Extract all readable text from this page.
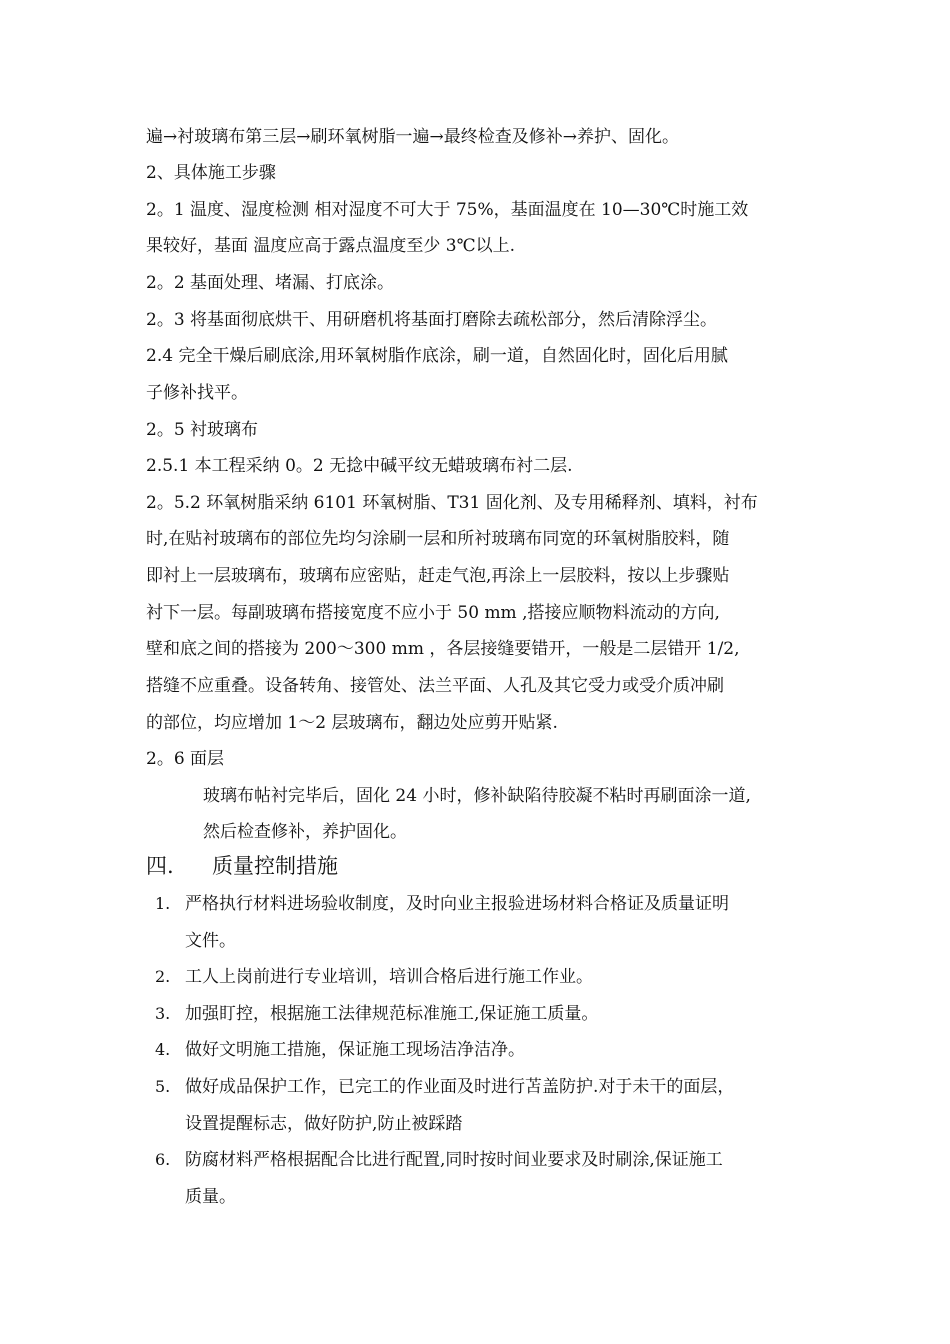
遍→衬玻璃布第三层→刷环氧树脂一遍→最终检查及修补→养护、固化。
2、具体施工步骤
2。1 温度、湿度检测 相对湿度不可大于 75%，基面温度在 10—30℃时施工效
果较好，基面 温度应高于露点温度至少 3℃以上.
2。2 基面处理、堵漏、打底涂。
2。3 将基面彻底烘干、用研磨机将基面打磨除去疏松部分，然后清除浮尘。
2.4 完全干燥后刷底涂,用环氧树脂作底涂，刷一道，自然固化时，固化后用腻
子修补找平。
2。5 衬玻璃布
2.5.1 本工程采纳 0。2 无捻中碱平纹无蜡玻璃布衬二层.
2。5.2 环氧树脂采纳 6101 环氧树脂、T31 固化剂、及专用稀释剂、填料，衬布
时,在贴衬玻璃布的部位先均匀涂刷一层和所衬玻璃布同宽的环氧树脂胶料，随
即衬上一层玻璃布，玻璃布应密贴，赶走气泡,再涂上一层胶料，按以上步骤贴
衬下一层。每副玻璃布搭接宽度不应小于 50 mm ,搭接应顺物料流动的方向,
壁和底之间的搭接为 200～300 mm ，各层接缝要错开，一般是二层错开 1/2,
搭缝不应重叠。设备转角、接管处、法兰平面、人孔及其它受力或受介质冲刷
的部位，均应增加 1～2 层玻璃布，翻边处应剪开贴紧.
2。6 面层
玻璃布帖衬完毕后，固化 24 小时，修补缺陷待胶凝不粘时再刷面涂一道,
然后检查修补，养护固化。
四. 质量控制措施
1. 严格执行材料进场验收制度，及时向业主报验进场材料合格证及质量证明
文件。
2. 工人上岗前进行专业培训，培训合格后进行施工作业。
3. 加强盯控，根据施工法律规范标准施工,保证施工质量。
4. 做好文明施工措施，保证施工现场洁净洁净。
5. 做好成品保护工作，已完工的作业面及时进行苫盖防护.对于未干的面层，
设置提醒标志，做好防护,防止被踩踏
6. 防腐材料严格根据配合比进行配置,同时按时间业要求及时刷涂,保证施工
质量。
